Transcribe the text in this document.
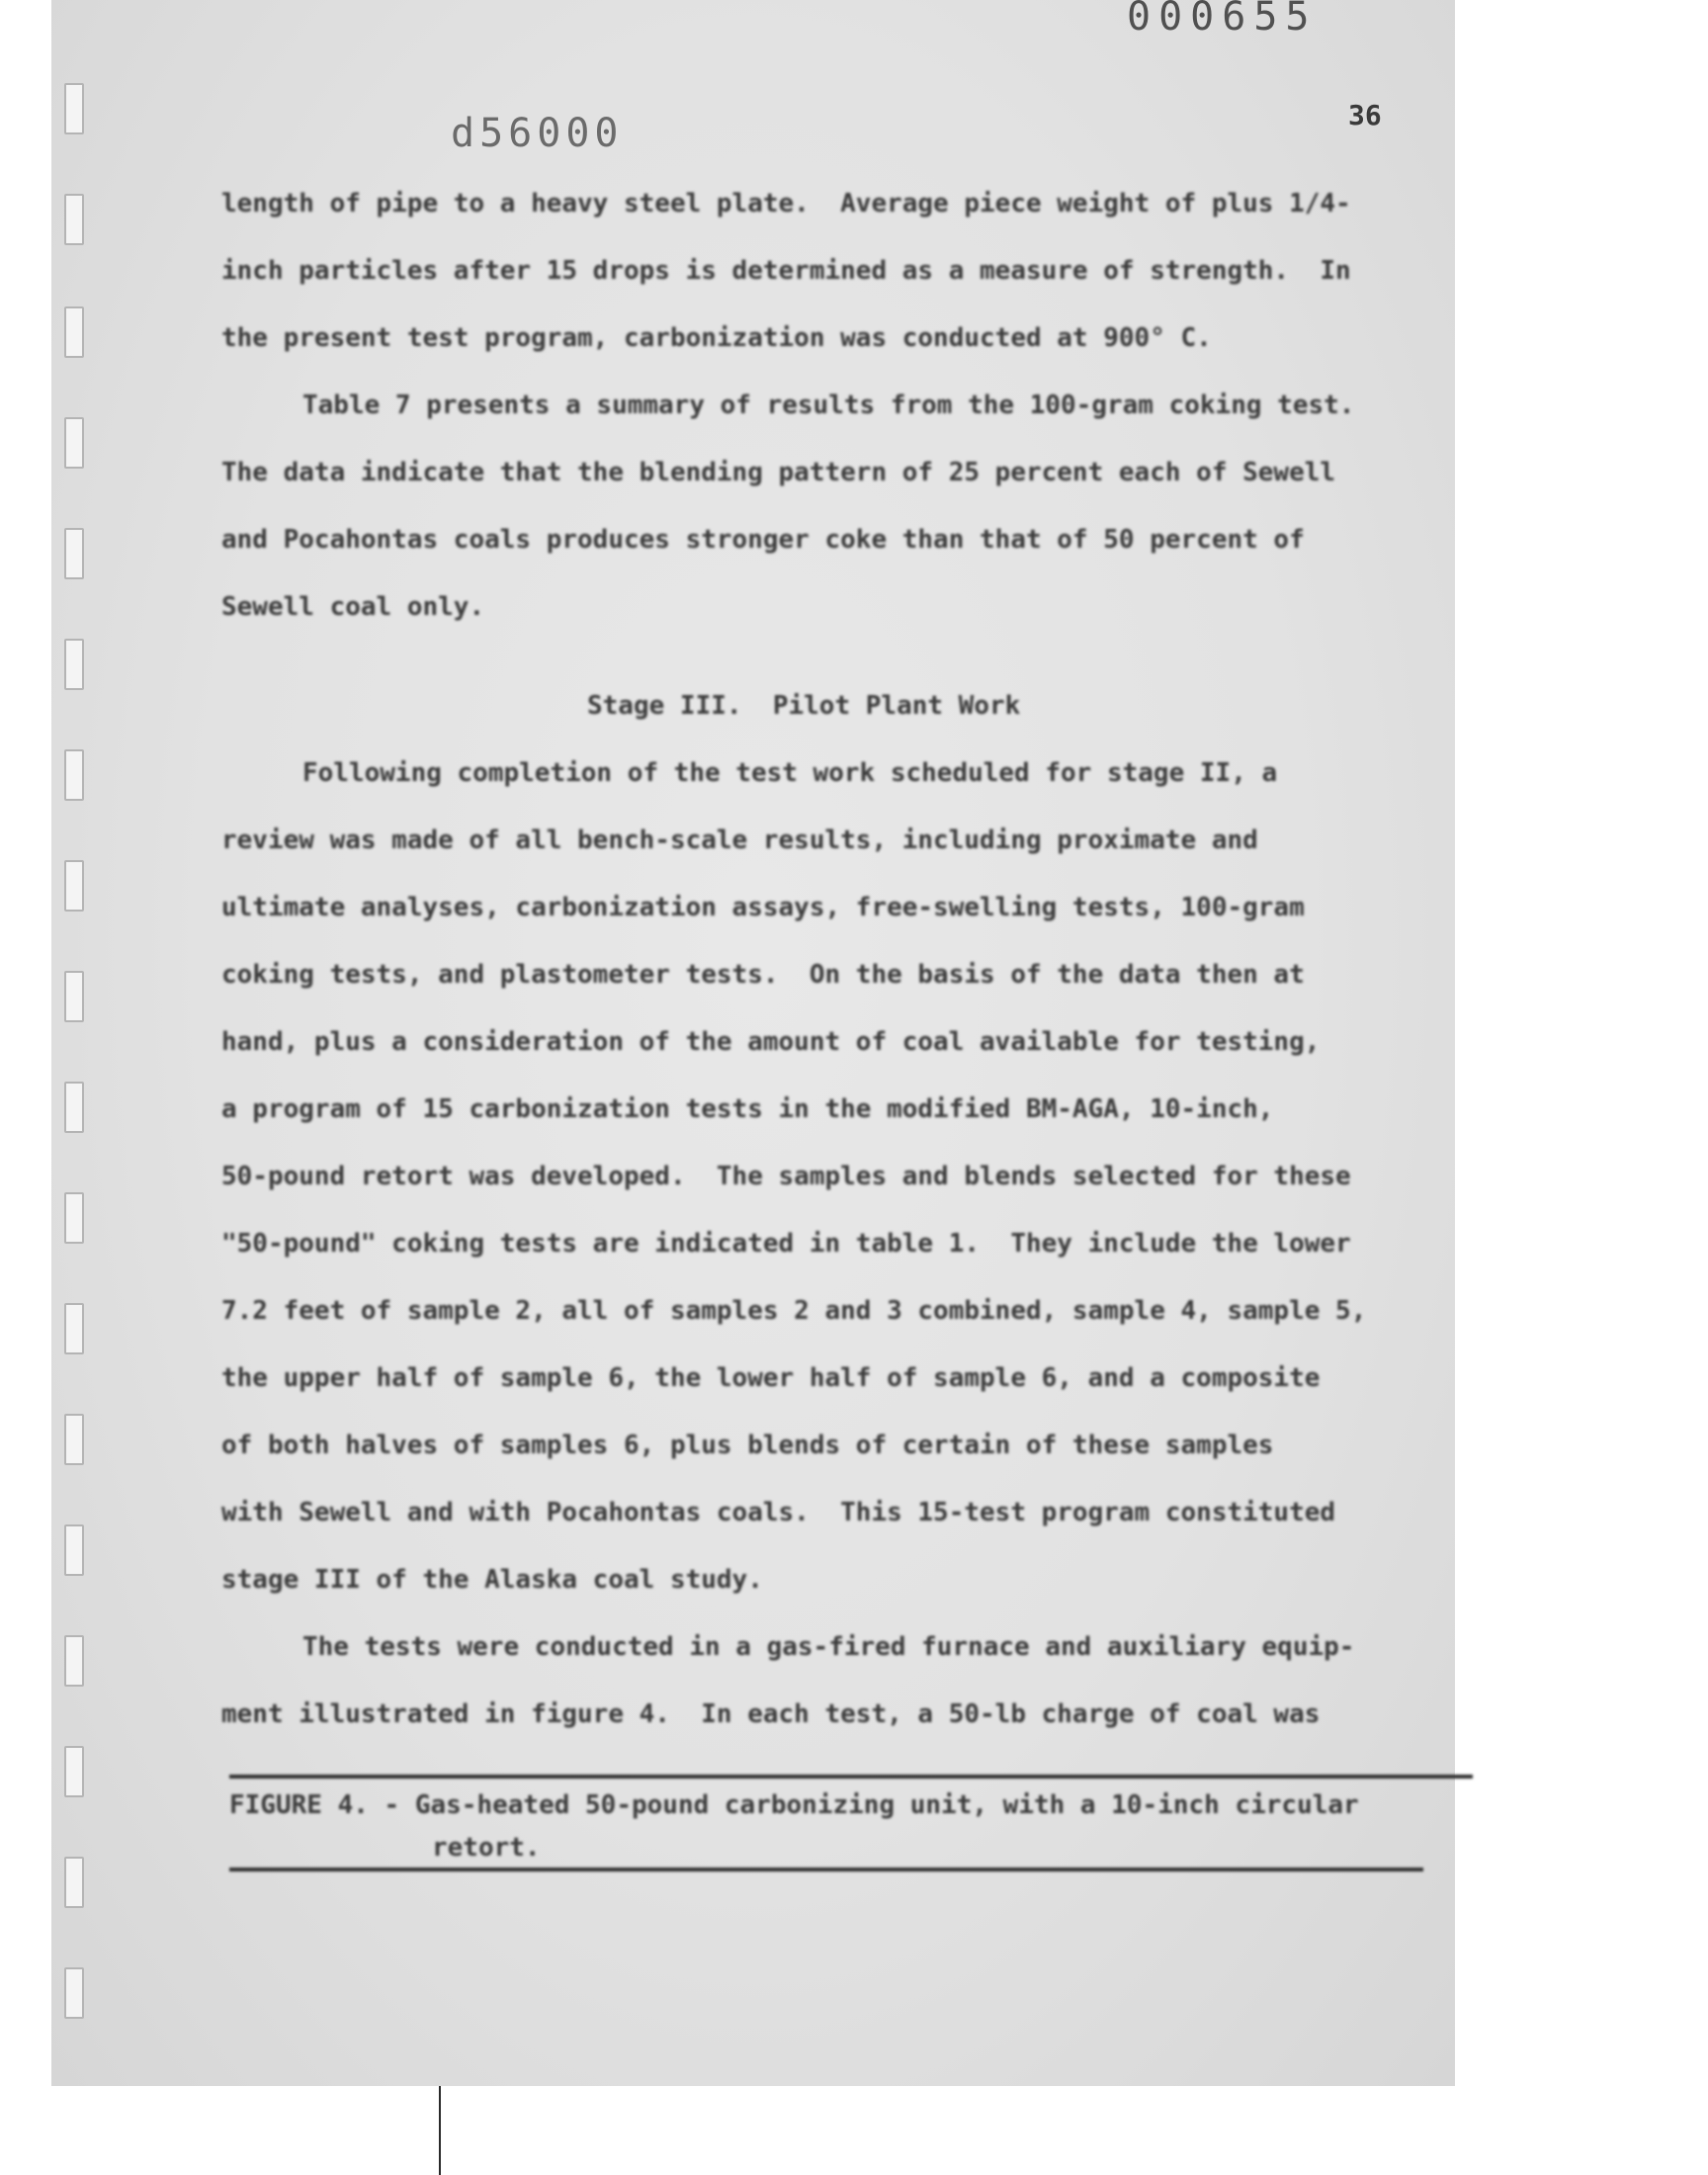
000655
d56000	36
length of pipe to a heavy steel plate.  Average piece weight of plus 1/4-
inch particles after 15 drops is determined as a measure of strength.  In
the present test program, carbonization was conducted at 900° C.
Table 7 presents a summary of results from the 100-gram coking test.
The data indicate that the blending pattern of 25 percent each of Sewell
and Pocahontas coals produces stronger coke than that of 50 percent of
Sewell coal only.
Stage III.  Pilot Plant Work
Following completion of the test work scheduled for stage II, a
review was made of all bench-scale results, including proximate and
ultimate analyses, carbonization assays, free-swelling tests, 100-gram
coking tests, and plastometer tests.  On the basis of the data then at
hand, plus a consideration of the amount of coal available for testing,
a program of 15 carbonization tests in the modified BM-AGA, 10-inch,
50-pound retort was developed.  The samples and blends selected for these
"50-pound" coking tests are indicated in table 1.  They include the lower
7.2 feet of sample 2, all of samples 2 and 3 combined, sample 4, sample 5,
the upper half of sample 6, the lower half of sample 6, and a composite
of both halves of samples 6, plus blends of certain of these samples
with Sewell and with Pocahontas coals.  This 15-test program constituted
stage III of the Alaska coal study.
The tests were conducted in a gas-fired furnace and auxiliary equip-
ment illustrated in figure 4.  In each test, a 50-lb charge of coal was
FIGURE 4. - Gas-heated 50-pound carbonizing unit, with a 10-inch circular
retort.
